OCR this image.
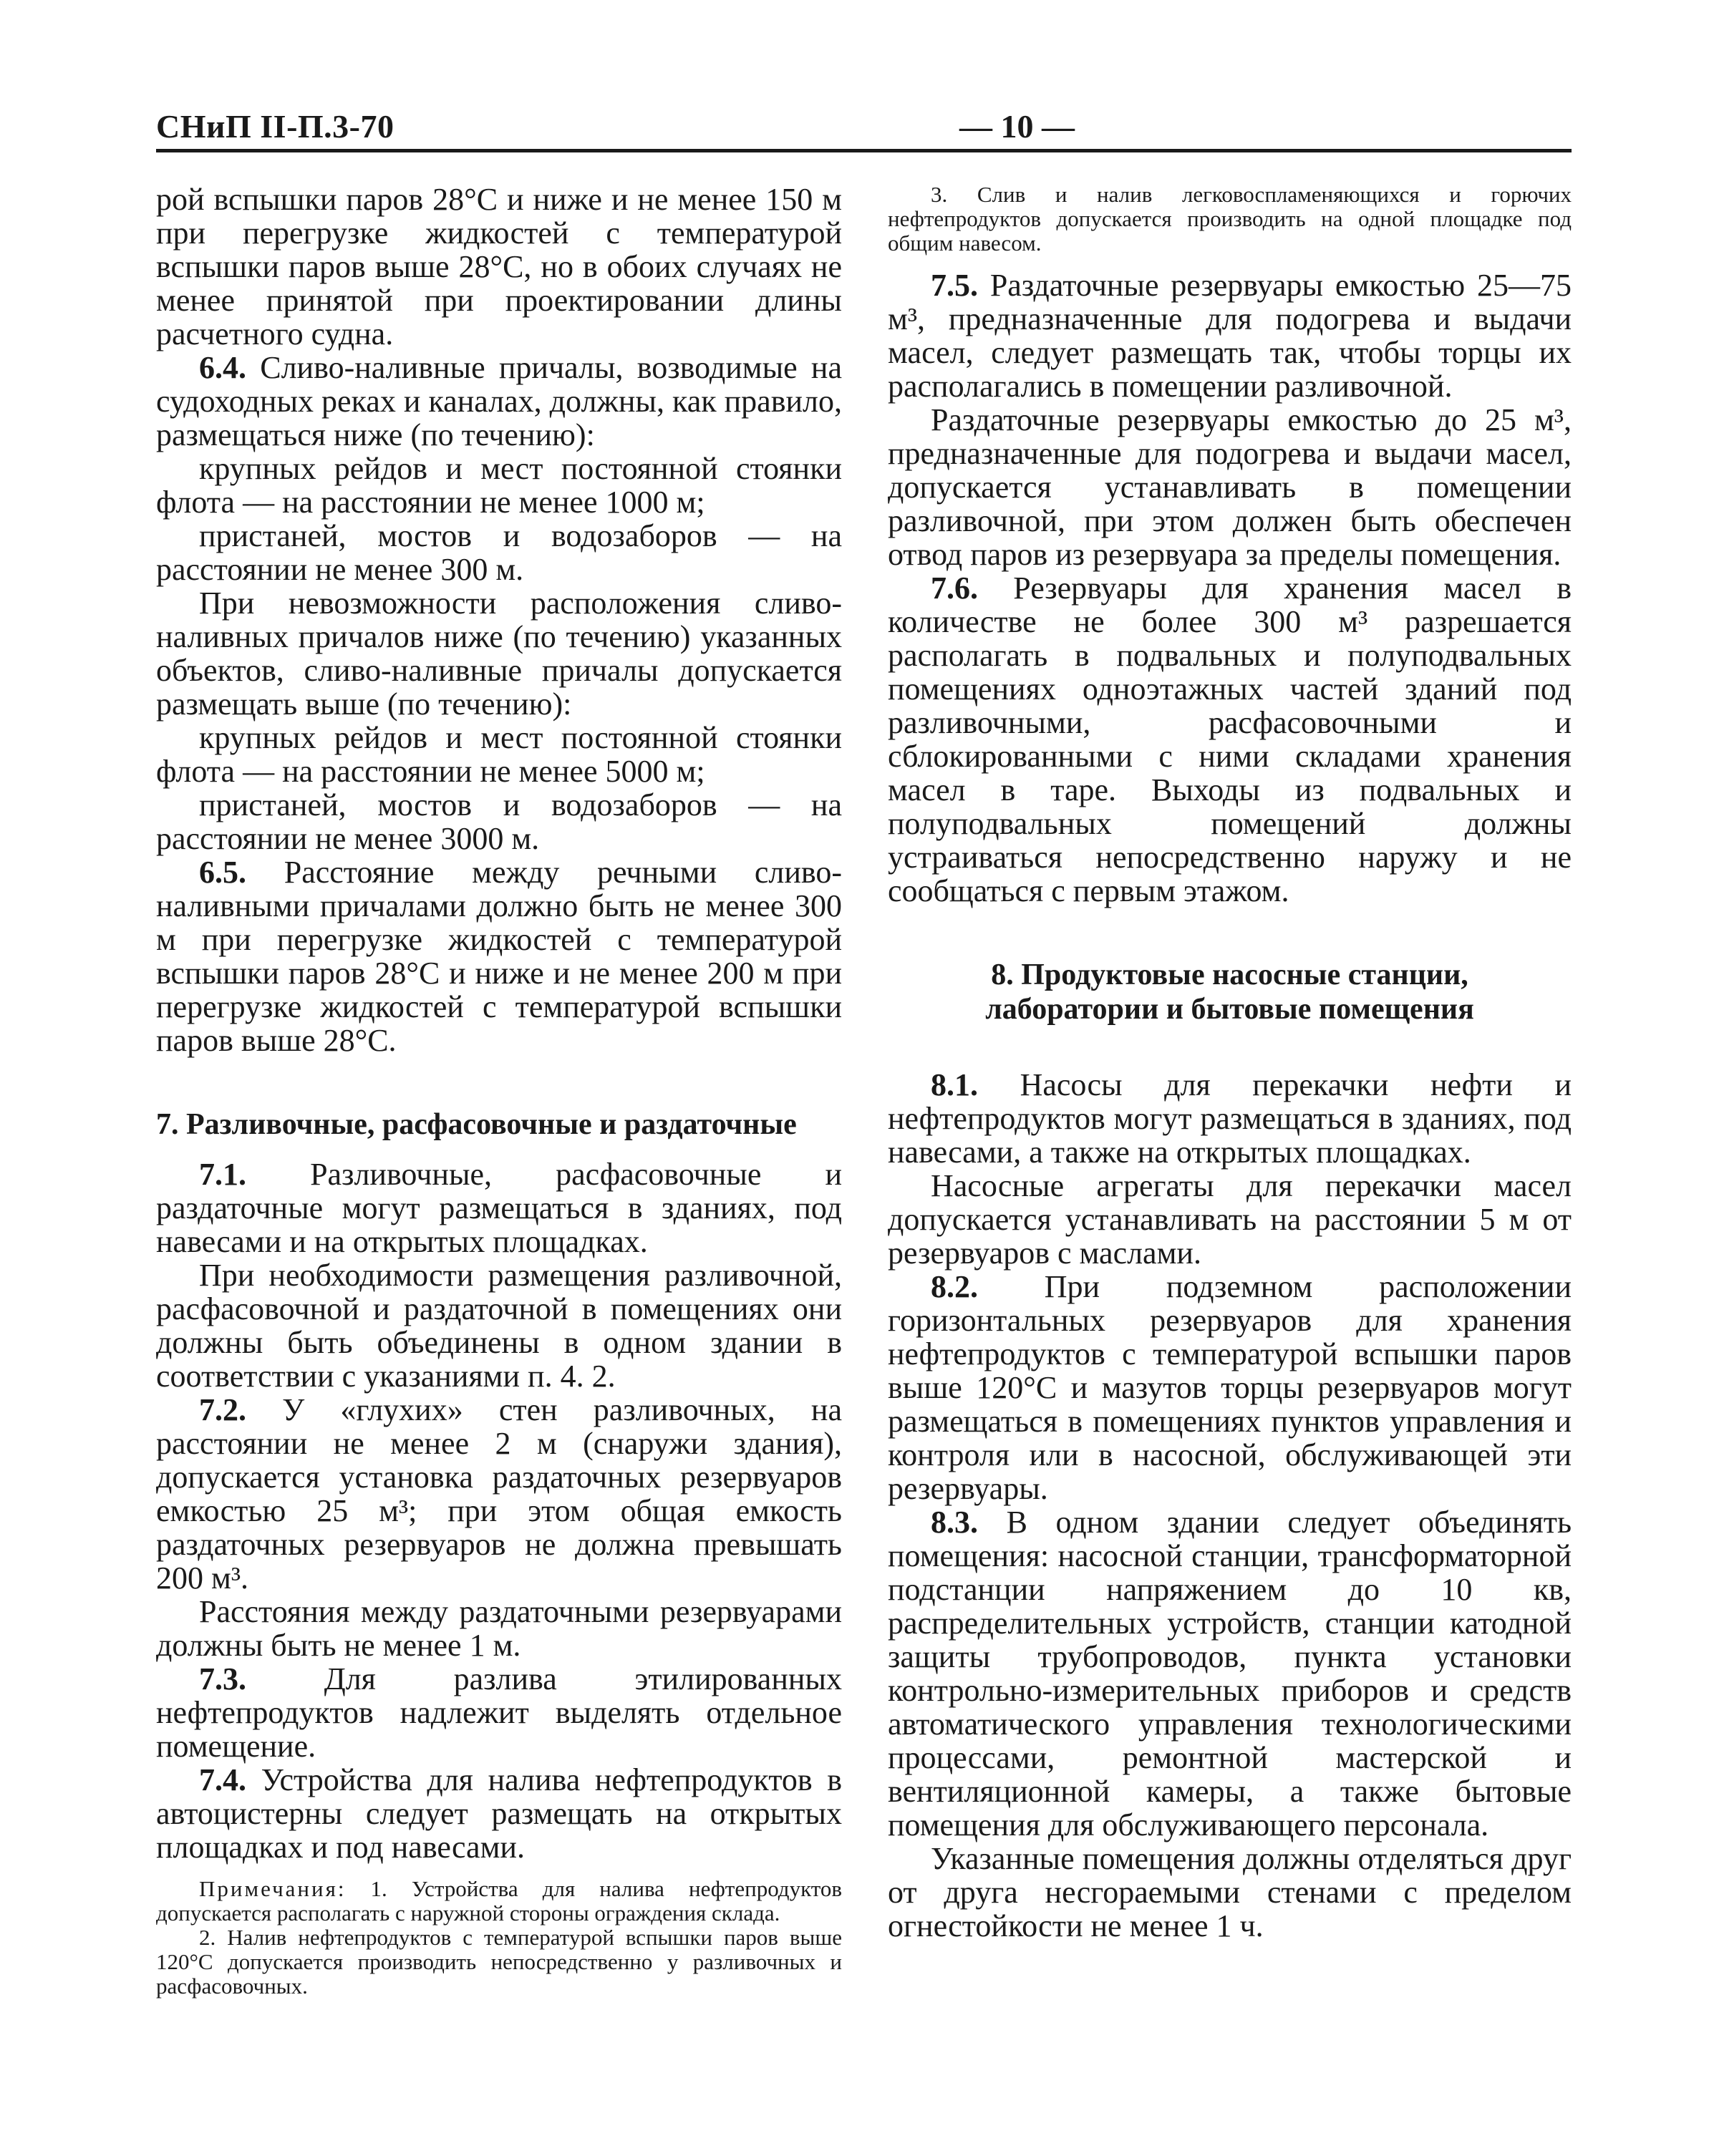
СНиП II-П.3-70	— 10 —

рой вспышки паров 28°С и ниже и не менее 150 м при перегрузке жидкостей с температурой вспышки паров выше 28°С, но в обоих случаях не менее принятой при проектировании длины расчетного судна.

6.4. Сливо-наливные причалы, возводимые на судоходных реках и каналах, должны, как правило, размещаться ниже (по течению):

крупных рейдов и мест постоянной стоянки флота — на расстоянии не менее 1000 м;

пристаней, мостов и водозаборов — на расстоянии не менее 300 м.

При невозможности расположения сливо-наливных причалов ниже (по течению) указанных объектов, сливо-наливные причалы допускается размещать выше (по течению):

крупных рейдов и мест постоянной стоянки флота — на расстоянии не менее 5000 м;

пристаней, мостов и водозаборов — на расстоянии не менее 3000 м.

6.5. Расстояние между речными сливо-наливными причалами должно быть не менее 300 м при перегрузке жидкостей с температурой вспышки паров 28°С и ниже и не менее 200 м при перегрузке жидкостей с температурой вспышки паров выше 28°С.

7. Разливочные, расфасовочные и раздаточные

7.1. Разливочные, расфасовочные и раздаточные могут размещаться в зданиях, под навесами и на открытых площадках.

При необходимости размещения разливочной, расфасовочной и раздаточной в помещениях они должны быть объединены в одном здании в соответствии с указаниями п. 4. 2.

7.2. У «глухих» стен разливочных, на расстоянии не менее 2 м (снаружи здания), допускается установка раздаточных резервуаров емкостью 25 м³; при этом общая емкость раздаточных резервуаров не должна превышать 200 м³.

Расстояния между раздаточными резервуарами должны быть не менее 1 м.

7.3. Для разлива этилированных нефтепродуктов надлежит выделять отдельное помещение.

7.4. Устройства для налива нефтепродуктов в автоцистерны следует размещать на открытых площадках и под навесами.

Примечания: 1. Устройства для налива нефтепродуктов допускается располагать с наружной стороны ограждения склада.

2. Налив нефтепродуктов с температурой вспышки паров выше 120°С допускается производить непосредственно у разливочных и расфасовочных.

3. Слив и налив легковоспламеняющихся и горючих нефтепродуктов допускается производить на одной площадке под общим навесом.

7.5. Раздаточные резервуары емкостью 25—75 м³, предназначенные для подогрева и выдачи масел, следует размещать так, чтобы торцы их располагались в помещении разливочной.

Раздаточные резервуары емкостью до 25 м³, предназначенные для подогрева и выдачи масел, допускается устанавливать в помещении разливочной, при этом должен быть обеспечен отвод паров из резервуара за пределы помещения.

7.6. Резервуары для хранения масел в количестве не более 300 м³ разрешается располагать в подвальных и полуподвальных помещениях одноэтажных частей зданий под разливочными, расфасовочными и сблокированными с ними складами хранения масел в таре. Выходы из подвальных и полуподвальных помещений должны устраиваться непосредственно наружу и не сообщаться с первым этажом.

8. Продуктовые насосные станции,
лаборатории и бытовые помещения

8.1. Насосы для перекачки нефти и нефтепродуктов могут размещаться в зданиях, под навесами, а также на открытых площадках.

Насосные агрегаты для перекачки масел допускается устанавливать на расстоянии 5 м от резервуаров с маслами.

8.2. При подземном расположении горизонтальных резервуаров для хранения нефтепродуктов с температурой вспышки паров выше 120°С и мазутов торцы резервуаров могут размещаться в помещениях пунктов управления и контроля или в насосной, обслуживающей эти резервуары.

8.3. В одном здании следует объединять помещения: насосной станции, трансформаторной подстанции напряжением до 10 кв, распределительных устройств, станции катодной защиты трубопроводов, пункта установки контрольно-измерительных приборов и средств автоматического управления технологическими процессами, ремонтной мастерской и вентиляционной камеры, а также бытовые помещения для обслуживающего персонала.

Указанные помещения должны отделяться друг от друга несгораемыми стенами с пределом огнестойкости не менее 1 ч.
